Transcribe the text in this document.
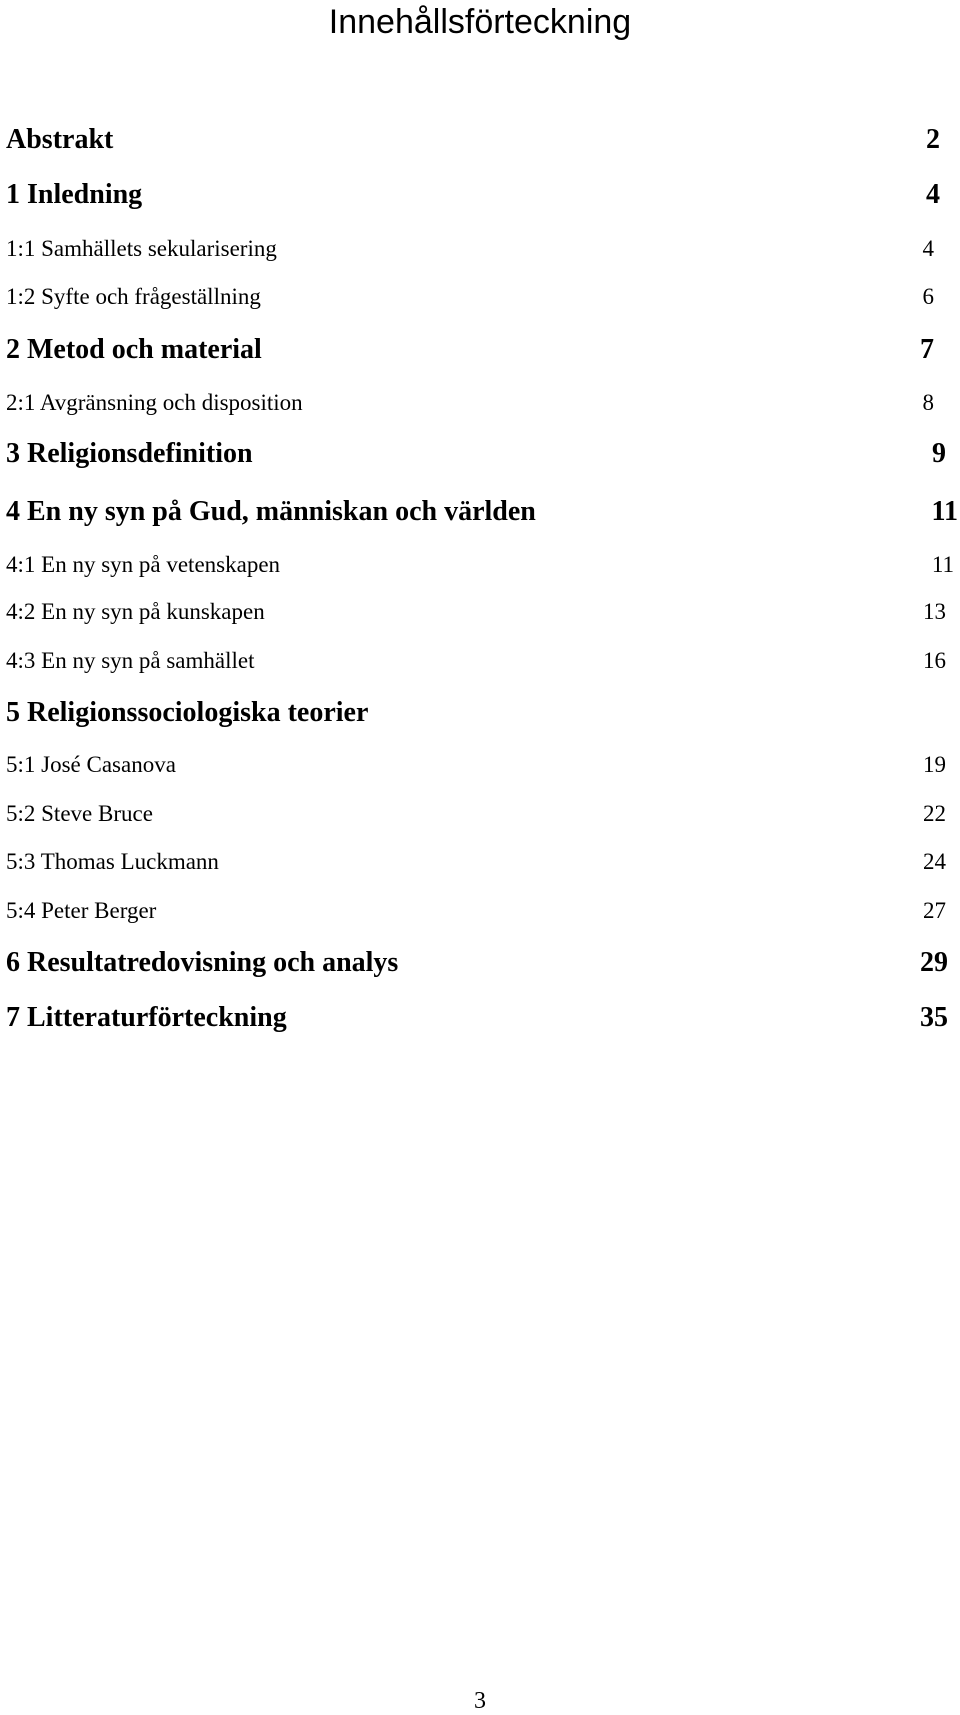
Innehållsförteckning
Abstrakt	2
1 Inledning	4
1:1 Samhällets sekularisering	4
1:2 Syfte och frågeställning	6
2 Metod och material	7
2:1 Avgränsning och disposition	8
3 Religionsdefinition	9
4 En ny syn på Gud, människan och världen	11
4:1 En ny syn på vetenskapen	11
4:2 En ny syn på kunskapen	13
4:3 En ny syn på samhället	16
5 Religionssociologiska teorier
5:1 José Casanova	19
5:2 Steve Bruce	22
5:3 Thomas Luckmann	24
5:4 Peter Berger	27
6 Resultatredovisning och analys	29
7 Litteraturförteckning	35
3
